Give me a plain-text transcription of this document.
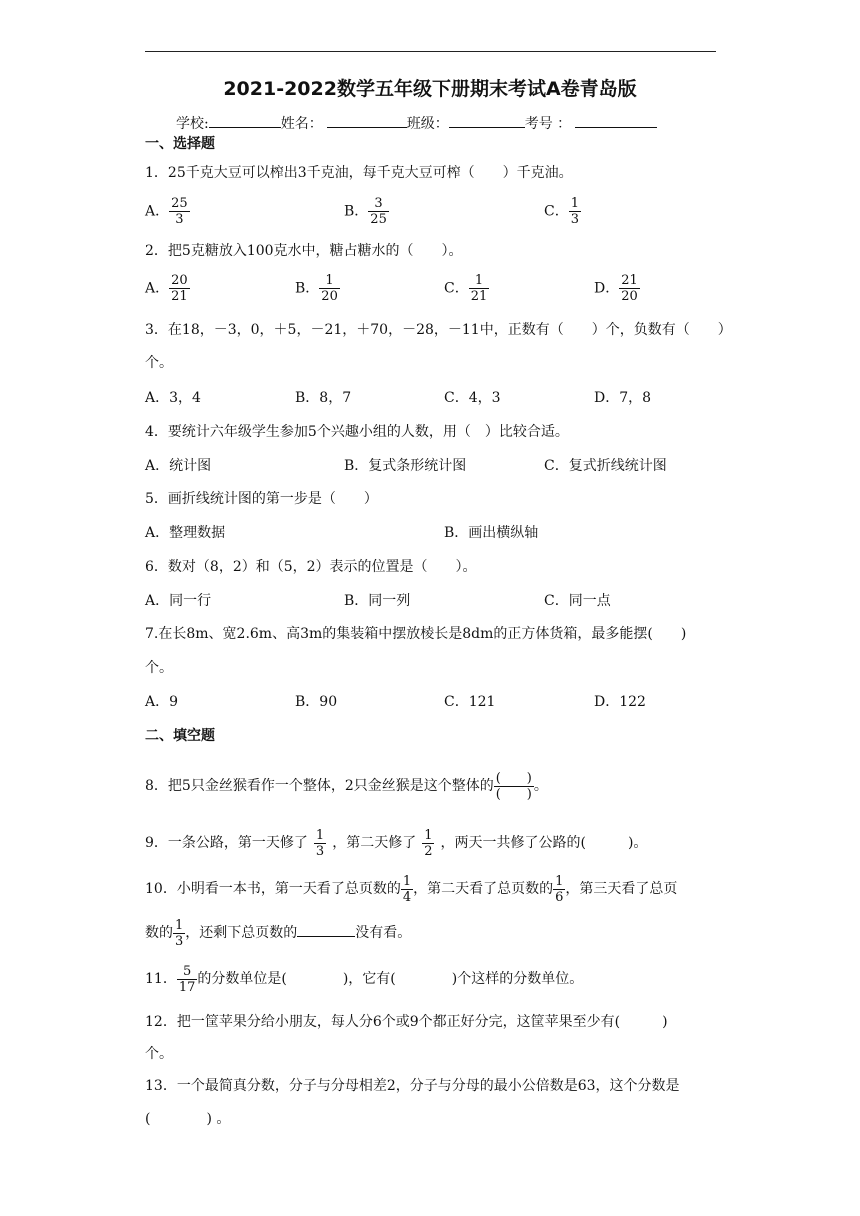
2021-2022数学五年级下册期末考试A卷青岛版
学校:	姓名：	班级：	考号 ：
一、选择题
1．25千克大豆可以榨出3千克油，每千克大豆可榨（　　）千克油。
A． $\frac{25}{3}$	B． $\frac{3}{25}$	C． $\frac{1}{3}$
2．把5克糖放入100克水中，糖占糖水的（　　）。
A． $\frac{20}{21}$	B． $\frac{1}{20}$	C． $\frac{1}{21}$	D． $\frac{21}{20}$
3．在18，－3，0，＋5，－21，＋70，－28，－11中，正数有（　　）个，负数有（　　）
个。
A．3，4	B．8，7	C．4，3	D．7，8
4．要统计六年级学生参加5个兴趣小组的人数，用（　）比较合适。
A．统计图	B．复式条形统计图	C．复式折线统计图
5．画折线统计图的第一步是（　　）
A．整理数据	B．画出横纵轴
6．数对（8，2）和（5，2）表示的位置是（　　）。
A．同一行	B．同一列	C．同一点
7.在长8m、宽2.6m、高3m的集装箱中摆放棱长是8dm的正方体货箱，最多能摆(　　)
个。
A．9	B．90	C．121	D．122
二、填空题
8．把5只金丝猴看作一个整体，2只金丝猴是这个整体的 $\frac{( )}{( )}$ 。
9．一条公路，第一天修了 $\frac{1}{3}$ ，第二天修了 $\frac{1}{2}$ ，两天一共修了公路的(　　　)。
10．小明看一本书，第一天看了总页数的 $\frac{1}{4}$ ，第二天看了总页数的 $\frac{1}{6}$ ，第三天看了总页
数的 $\frac{1}{3}$ ，还剩下总页数的	没有看。
11． $\frac{5}{17}$ 的分数单位是(　　　　)，它有(　　　　)个这样的分数单位。
12．把一筐苹果分给小朋友，每人分6个或9个都正好分完，这筐苹果至少有(　　　)
个。
13．一个最简真分数，分子与分母相差2，分子与分母的最小公倍数是63，这个分数是
(　　　　) 。
